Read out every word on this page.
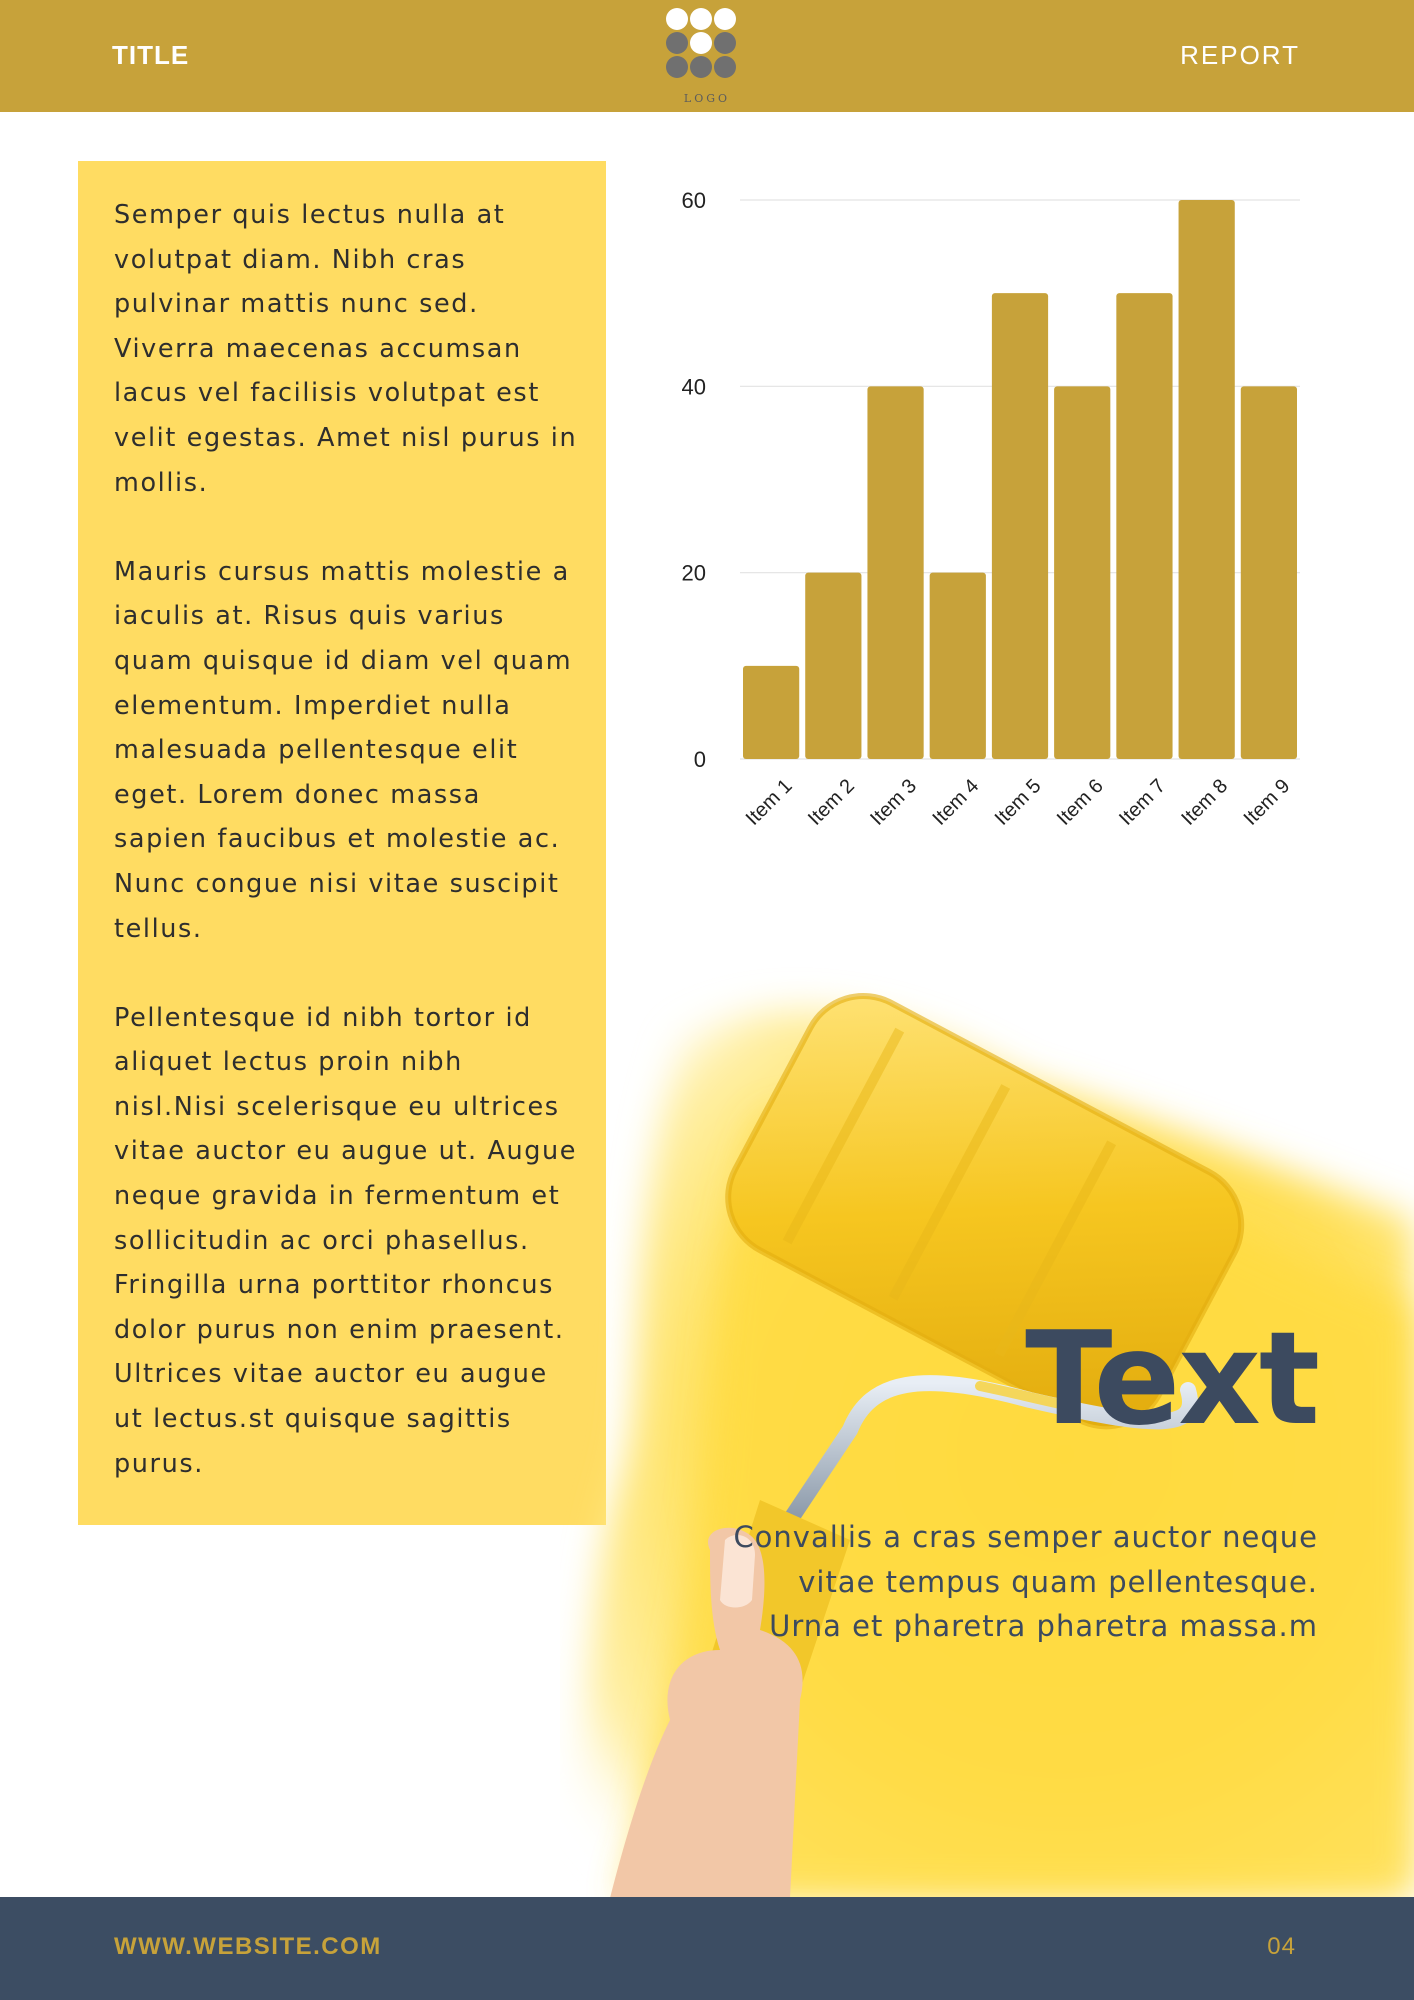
TITLE
LOGO
REPORT

Semper quis lectus nulla at volutpat diam. Nibh cras pulvinar mattis nunc sed. Viverra maecenas accumsan lacus vel facilisis volutpat est velit egestas. Amet nisl purus in mollis.

Mauris cursus mattis molestie a iaculis at. Risus quis varius quam quisque id diam vel quam elementum. Imperdiet nulla malesuada pellentesque elit eget. Lorem donec massa sapien faucibus et molestie ac. Nunc congue nisi vitae suscipit tellus.

Pellentesque id nibh tortor id aliquet lectus proin nibh nisl.Nisi scelerisque eu ultrices vitae auctor eu augue ut. Augue neque gravida in fermentum et sollicitudin ac orci phasellus. Fringilla urna porttitor rhoncus dolor purus non enim praesent. Ultrices vitae auctor eu augue ut lectus.st quisque sagittis purus.

0
20
40
60
Item 1 Item 2 Item 3 Item 4 Item 5 Item 6 Item 7 Item 8 Item 9
Text
Convallis a cras semper auctor neque vitae tempus quam pellentesque. Urna et pharetra pharetra massa.m
WWW.WEBSITE.COM	04
